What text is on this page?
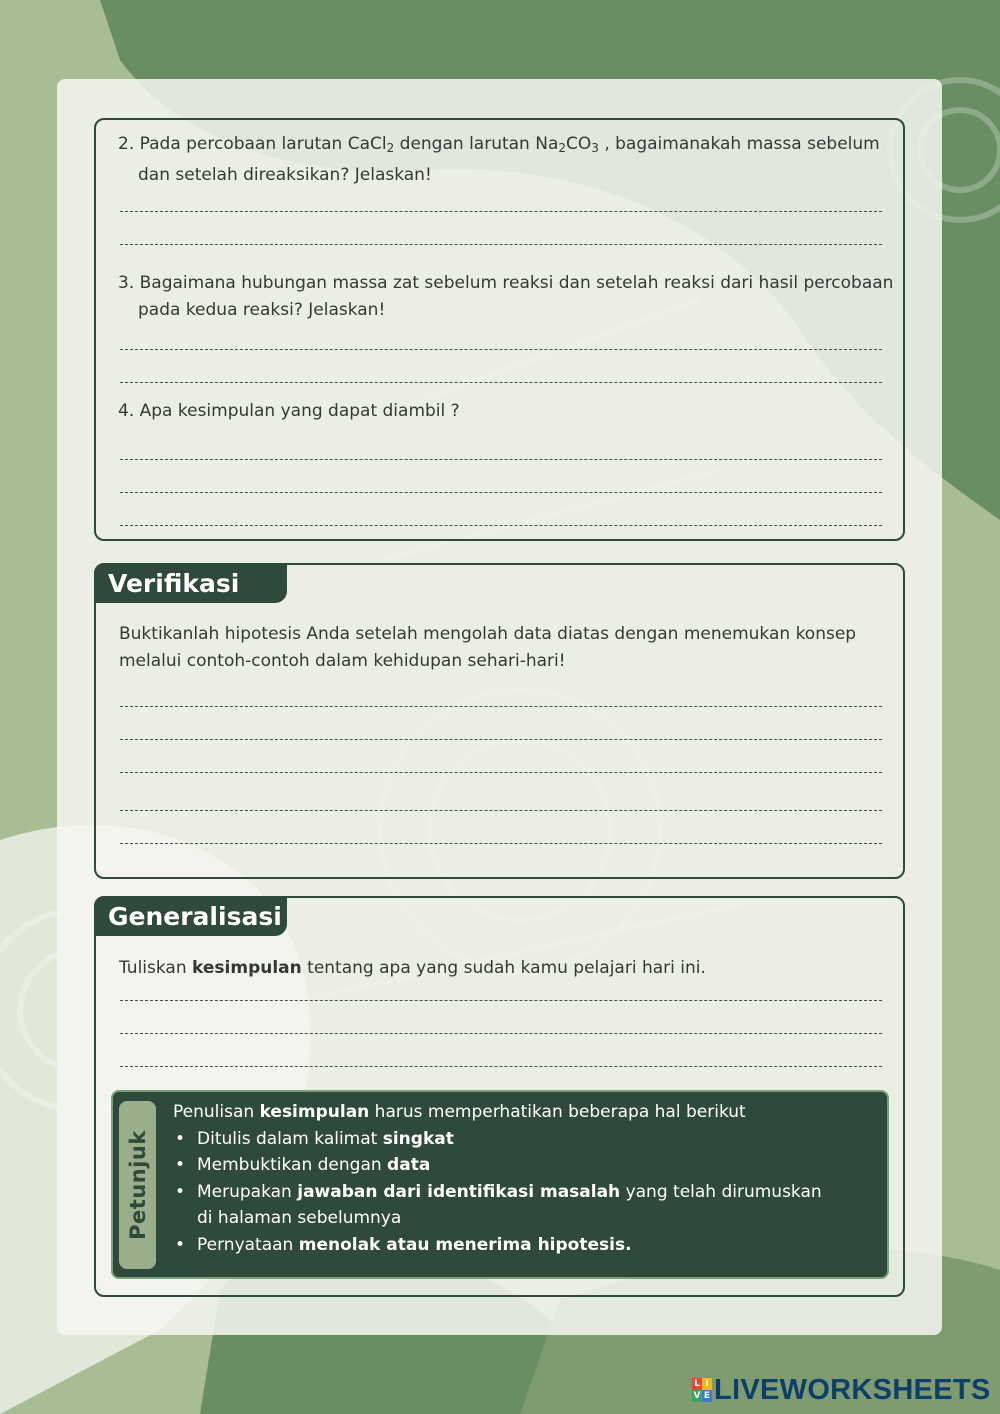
2. Pada percobaan larutan CaCl$_2$ dengan larutan $Na_2CO_3$ , bagaimanakah massa sebelum
dan setelah direaksikan? Jelaskan!
3. Bagaimana hubungan massa zat sebelum reaksi dan setelah reaksi dari hasil percobaan
pada kedua reaksi? Jelaskan!
4. Apa kesimpulan yang dapat diambil ?
Verifikasi
Buktikanlah hipotesis Anda setelah mengolah data diatas dengan menemukan konsep
melalui contoh-contoh dalam kehidupan sehari-hari!
Generalisasi
Tuliskan kesimpulan tentang apa yang sudah kamu pelajari hari ini.
Petunjuk
Penulisan kesimpulan harus memperhatikan beberapa hal berikut
• Ditulis dalam kalimat singkat
• Membuktikan dengan data
• Merupakan jawaban dari identifikasi masalah yang telah dirumuskan di halaman sebelumnya
• Pernyataan menolak atau menerima hipotesis.
L I
V E LIVEWORKSHEETS
